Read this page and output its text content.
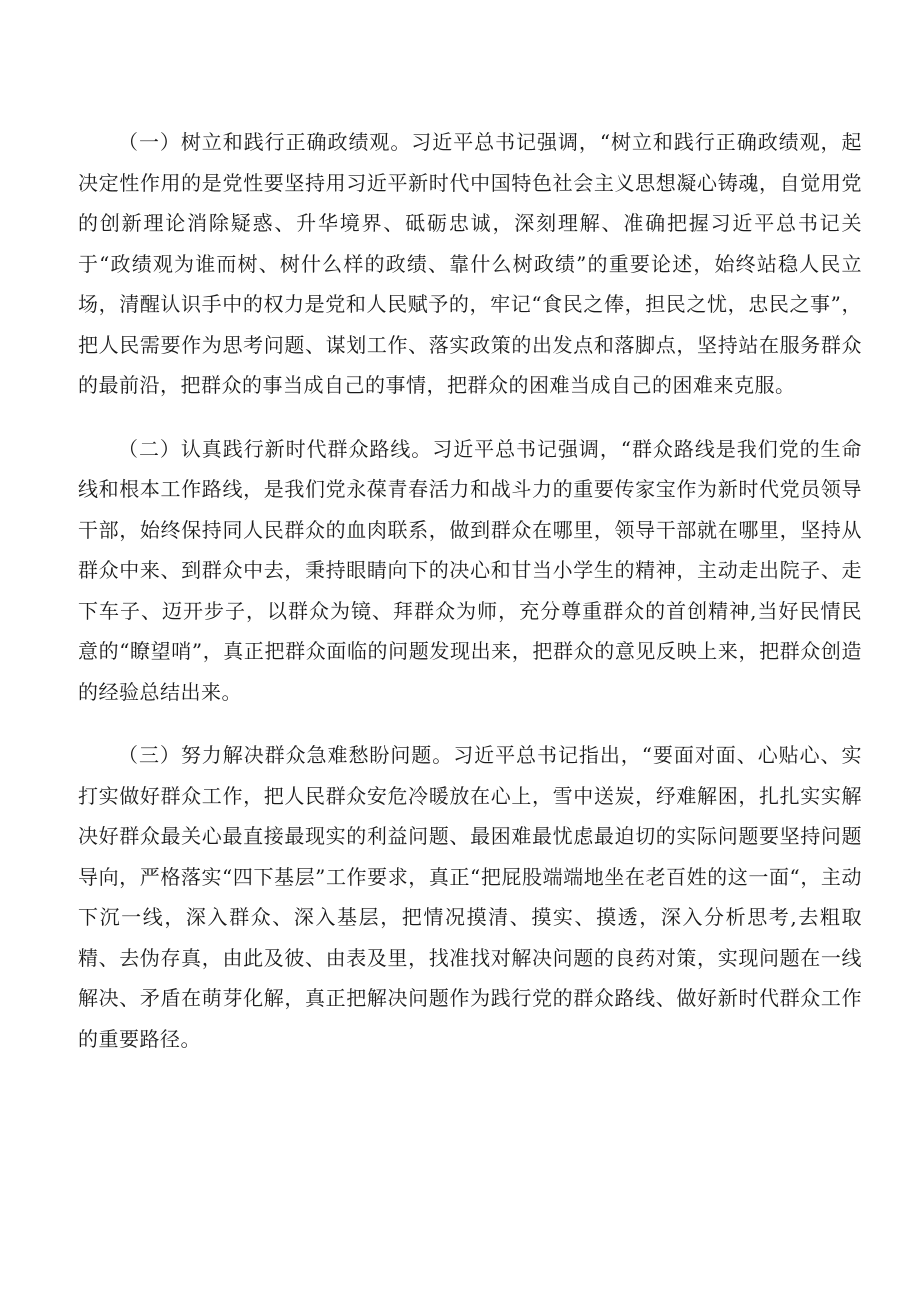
（一）树立和践行正确政绩观。习近平总书记强调，“树立和践行正确政绩观，起决定性作用的是党性要坚持用习近平新时代中国特色社会主义思想凝心铸魂，自觉用党的创新理论消除疑惑、升华境界、砥砺忠诚，深刻理解、准确把握习近平总书记关于“政绩观为谁而树、树什么样的政绩、靠什么树政绩”的重要论述，始终站稳人民立场，清醒认识手中的权力是党和人民赋予的，牢记“食民之俸，担民之忧，忠民之事”，把人民需要作为思考问题、谋划工作、落实政策的出发点和落脚点，坚持站在服务群众的最前沿，把群众的事当成自己的事情，把群众的困难当成自己的困难来克服。

（二）认真践行新时代群众路线。习近平总书记强调，“群众路线是我们党的生命线和根本工作路线，是我们党永葆青春活力和战斗力的重要传家宝作为新时代党员领导干部，始终保持同人民群众的血肉联系，做到群众在哪里，领导干部就在哪里，坚持从群众中来、到群众中去，秉持眼睛向下的决心和甘当小学生的精神，主动走出院子、走下车子、迈开步子，以群众为镜、拜群众为师，充分尊重群众的首创精神,当好民情民意的“瞭望哨”，真正把群众面临的问题发现出来，把群众的意见反映上来，把群众创造的经验总结出来。

（三）努力解决群众急难愁盼问题。习近平总书记指出，“要面对面、心贴心、实打实做好群众工作，把人民群众安危冷暖放在心上，雪中送炭，纾难解困，扎扎实实解决好群众最关心最直接最现实的利益问题、最困难最忧虑最迫切的实际问题要坚持问题导向，严格落实“四下基层”工作要求，真正“把屁股端端地坐在老百姓的这一面“，主动下沉一线，深入群众、深入基层，把情况摸清、摸实、摸透，深入分析思考,去粗取精、去伪存真，由此及彼、由表及里，找准找对解决问题的良药对策，实现问题在一线解决、矛盾在萌芽化解，真正把解决问题作为践行党的群众路线、做好新时代群众工作的重要路径。
